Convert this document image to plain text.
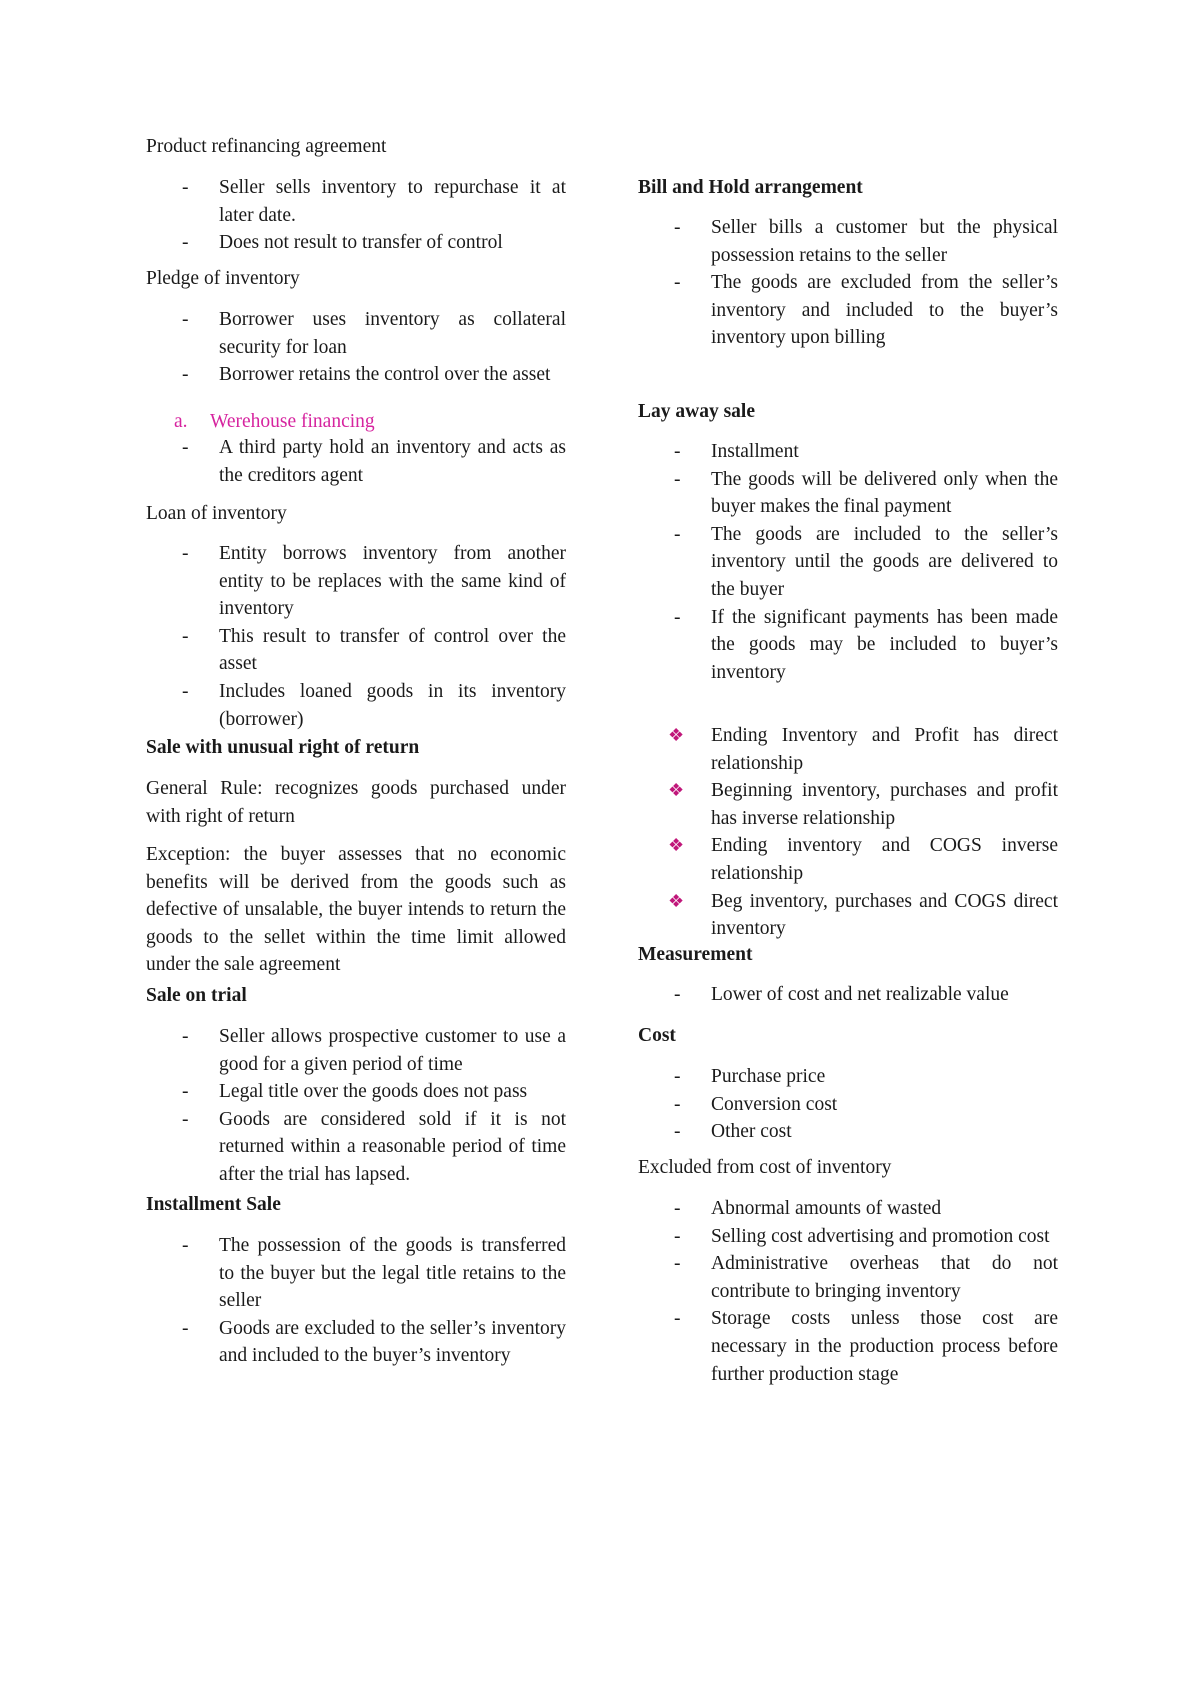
Product refinancing agreement

- Seller sells inventory to repurchase it at later date.
- Does not result to transfer of control

Pledge of inventory

- Borrower uses inventory as collateral security for loan
- Borrower retains the control over the asset
a. Werehouse financing
- A third party hold an inventory and acts as the creditors agent

Loan of inventory

- Entity borrows inventory from another entity to be replaces with the same kind of inventory
- This result to transfer of control over the asset
- Includes loaned goods in its inventory (borrower)

Sale with unusual right of return

General Rule: recognizes goods purchased under with right of return

Exception: the buyer assesses that no economic benefits will be derived from the goods such as defective of unsalable, the buyer intends to return the goods to the sellet within the time limit allowed under the sale agreement

Sale on trial

- Seller allows prospective customer to use a good for a given period of time
- Legal title over the goods does not pass
- Goods are considered sold if it is not returned within a reasonable period of time after the trial has lapsed.

Installment Sale

- The possession of the goods is transferred to the buyer but the legal title retains to the seller
- Goods are excluded to the seller’s inventory and included to the buyer’s inventory

Bill and Hold arrangement

- Seller bills a customer but the physical possession retains to the seller
- The goods are excluded from the seller’s inventory and included to the buyer’s inventory upon billing

Lay away sale

- Installment
- The goods will be delivered only when the buyer makes the final payment
- The goods are included to the seller’s inventory until the goods are delivered to the buyer
- If the significant payments has been made the goods may be included to buyer’s inventory
❖ Ending Inventory and Profit has direct relationship
❖ Beginning inventory, purchases and profit has inverse relationship
❖ Ending inventory and COGS inverse relationship
❖ Beg inventory, purchases and COGS direct inventory

Measurement

- Lower of cost and net realizable value

Cost

- Purchase price
- Conversion cost
- Other cost

Excluded from cost of inventory

- Abnormal amounts of wasted
- Selling cost advertising and promotion cost
- Administrative overheas that do not contribute to bringing inventory
- Storage costs unless those cost are necessary in the production process before further production stage
